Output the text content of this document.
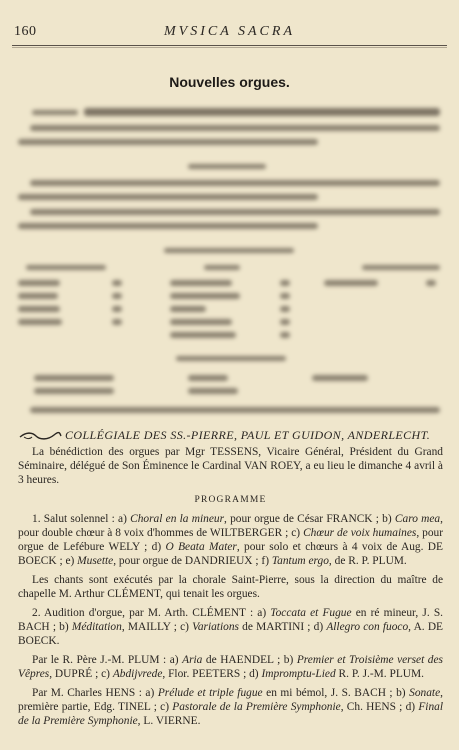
160	MVSICA SACRA
Nouvelles orgues.
COLLÉGIALE DES SS.-PIERRE, PAUL ET GUIDON, ANDERLECHT.

La bénédiction des orgues par Mgr TESSENS, Vicaire Général, Président du Grand Séminaire, délégué de Son Éminence le Cardinal VAN ROEY, a eu lieu le dimanche 4 avril à 3 heures.

PROGRAMME

1. Salut solennel : a) Choral en la mineur, pour orgue de César FRANCK ; b) Caro mea, pour double chœur à 8 voix d'hommes de WILTBERGER ; c) Chœur de voix humaines, pour orgue de Lefébure WELY ; d) O Beata Mater, pour solo et chœurs à 4 voix de Aug. DE BOECK ; e) Musette, pour orgue de DANDRIEUX ; f) Tantum ergo, de R. P. PLUM.

Les chants sont exécutés par la chorale Saint-Pierre, sous la direction du maître de chapelle M. Arthur CLÉMENT, qui tenait les orgues.

2. Audition d'orgue, par M. Arth. CLÉMENT : a) Toccata et Fugue en ré mineur, J. S. BACH ; b) Méditation, MAILLY ; c) Variations de MARTINI ; d) Allegro con fuoco, A. DE BOECK.

Par le R. Père J.-M. PLUM : a) Aria de HAENDEL ; b) Premier et Troisième verset des Vêpres, DUPRÉ ; c) Abdijvrede, Flor. PEETERS ; d) Impromptu-Lied R. P. J.-M. PLUM.

Par M. Charles HENS : a) Prélude et triple fugue en mi bémol, J. S. BACH ; b) Sonate, première partie, Edg. TINEL ; c) Pastorale de la Première Symphonie, Ch. HENS ; d) Final de la Première Symphonie, L. VIERNE.
